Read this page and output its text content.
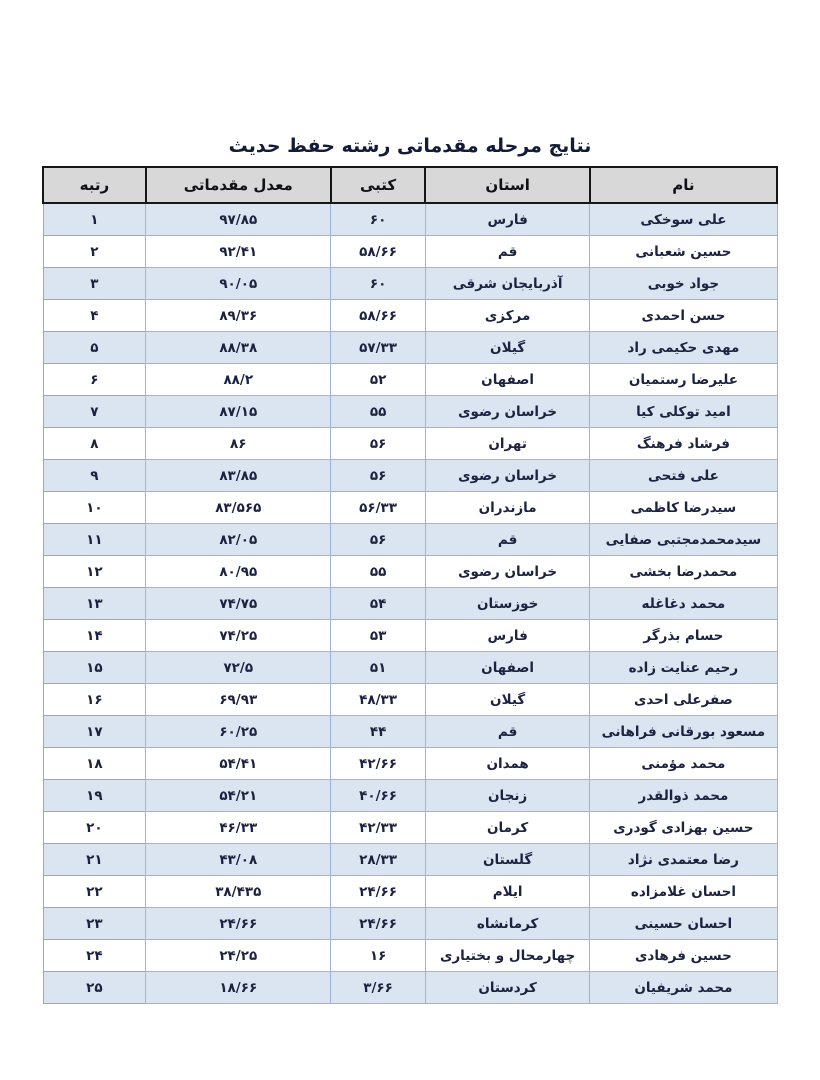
نتایج مرحله مقدماتی رشته حفظ حدیث
نام	استان	کتبی	معدل مقدماتی	رتبه
علی سوخکی	فارس	۶۰	۹۷/۸۵	۱
حسین شعبانی	قم	۵۸/۶۶	۹۲/۴۱	۲
جواد خوبی	آذربایجان شرقی	۶۰	۹۰/۰۵	۳
حسن احمدی	مرکزی	۵۸/۶۶	۸۹/۳۶	۴
مهدی حکیمی راد	گیلان	۵۷/۳۳	۸۸/۳۸	۵
علیرضا رستمیان	اصفهان	۵۲	۸۸/۲	۶
امید توکلی کیا	خراسان رضوی	۵۵	۸۷/۱۵	۷
فرشاد فرهنگ	تهران	۵۶	۸۶	۸
علی فتحی	خراسان رضوی	۵۶	۸۳/۸۵	۹
سیدرضا کاظمی	مازندران	۵۶/۳۳	۸۳/۵۶۵	۱۰
سیدمحمدمجتبی صفایی	قم	۵۶	۸۲/۰۵	۱۱
محمدرضا بخشی	خراسان رضوی	۵۵	۸۰/۹۵	۱۲
محمد دغاغله	خوزستان	۵۴	۷۴/۷۵	۱۳
حسام بذرگر	فارس	۵۳	۷۴/۲۵	۱۴
رحیم عنایت زاده	اصفهان	۵۱	۷۲/۵	۱۵
صفرعلی احدی	گیلان	۴۸/۳۳	۶۹/۹۳	۱۶
مسعود بورقانی فراهانی	قم	۴۴	۶۰/۲۵	۱۷
محمد مؤمنی	همدان	۴۲/۶۶	۵۴/۴۱	۱۸
محمد ذوالقدر	زنجان	۴۰/۶۶	۵۴/۲۱	۱۹
حسین بهزادی گودری	کرمان	۴۲/۳۳	۴۶/۳۳	۲۰
رضا معتمدی نژاد	گلستان	۲۸/۳۳	۴۳/۰۸	۲۱
احسان غلامزاده	ایلام	۲۴/۶۶	۳۸/۴۳۵	۲۲
احسان حسینی	کرمانشاه	۲۴/۶۶	۲۴/۶۶	۲۳
حسین فرهادی	چهارمحال و بختیاری	۱۶	۲۴/۲۵	۲۴
محمد شریفیان	کردستان	۳/۶۶	۱۸/۶۶	۲۵
